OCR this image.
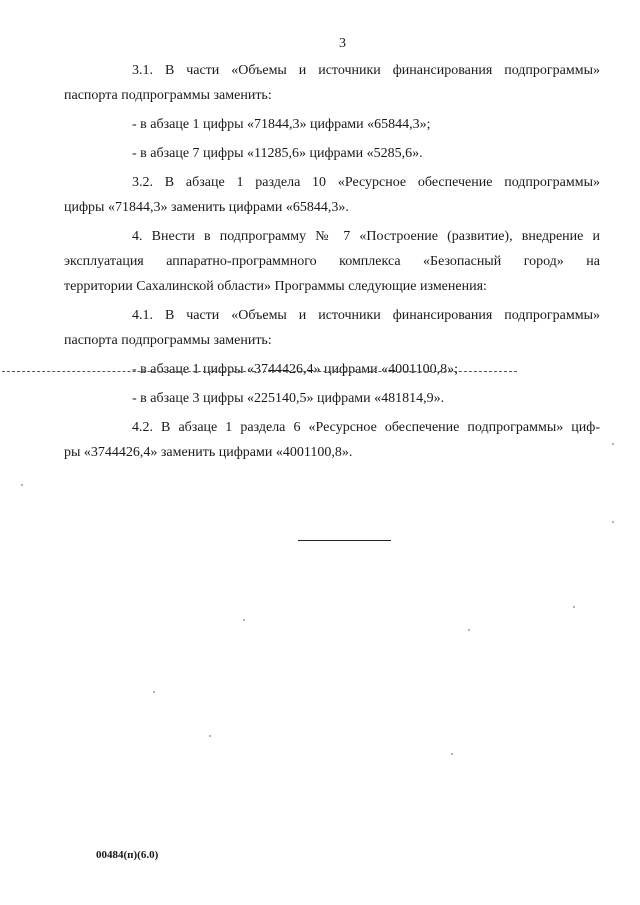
3

3.1. В части «Объемы и источники финансирования подпрограммы»
паспорта подпрограммы заменить:

- в абзаце 1 цифры «71844,3» цифрами «65844,3»;

- в абзаце 7 цифры «11285,6» цифрами «5285,6».

3.2. В абзаце 1 раздела 10 «Ресурсное обеспечение подпрограммы»
цифры «71844,3» заменить цифрами «65844,3».

4. Внести в подпрограмму № 7 «Построение (развитие), внедрение и
эксплуатация аппаратно-программного комплекса «Безопасный город» на
территории Сахалинской области» Программы следующие изменения:

4.1. В части «Объемы и источники финансирования подпрограммы»
паспорта подпрограммы заменить:

- в абзаце 1 цифры «3744426,4» цифрами «4001100,8»;

- в абзаце 3 цифры «225140,5» цифрами «481814,9».

4.2. В абзаце 1 раздела 6 «Ресурсное обеспечение подпрограммы» циф-
ры «3744426,4» заменить цифрами «4001100,8».

00484(п)(6.0)
